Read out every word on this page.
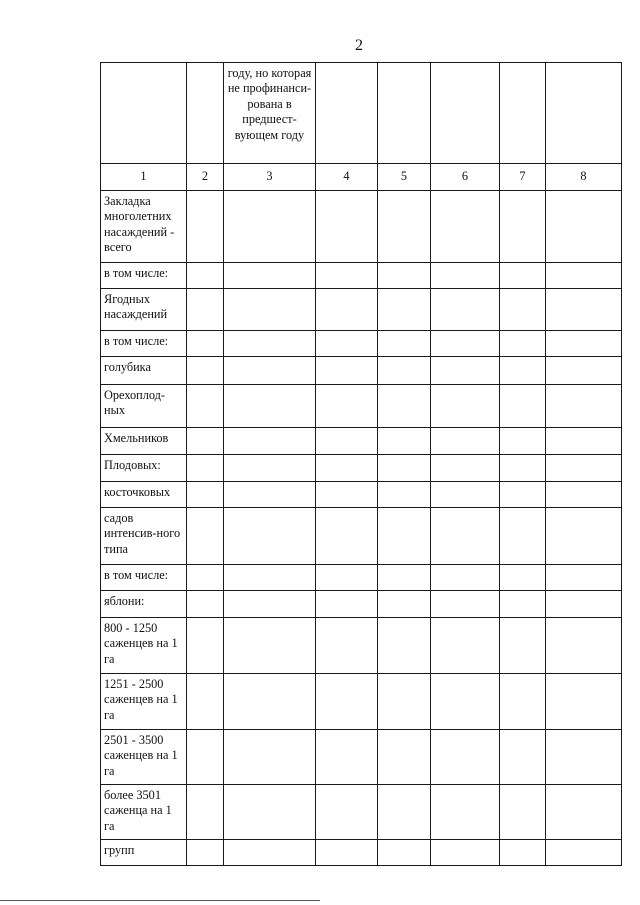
2
		году, но которая не профинанси-рована в предшест-вующем году					
1	2	3	4	5	6	7	8
Закладка многолетних насаждений - всего							
в том числе:							
Ягодных насаждений							
в том числе:							
голубика							
Орехоплод-ных							
Хмельников							
Плодовых:							
косточковых							
садов интенсив-ного типа							
в том числе:							
яблони:							
800 - 1250 саженцев на 1 га							
1251 - 2500 саженцев на 1 га							
2501 - 3500 саженцев на 1 га							
более 3501 саженца на 1 га							
групп							
